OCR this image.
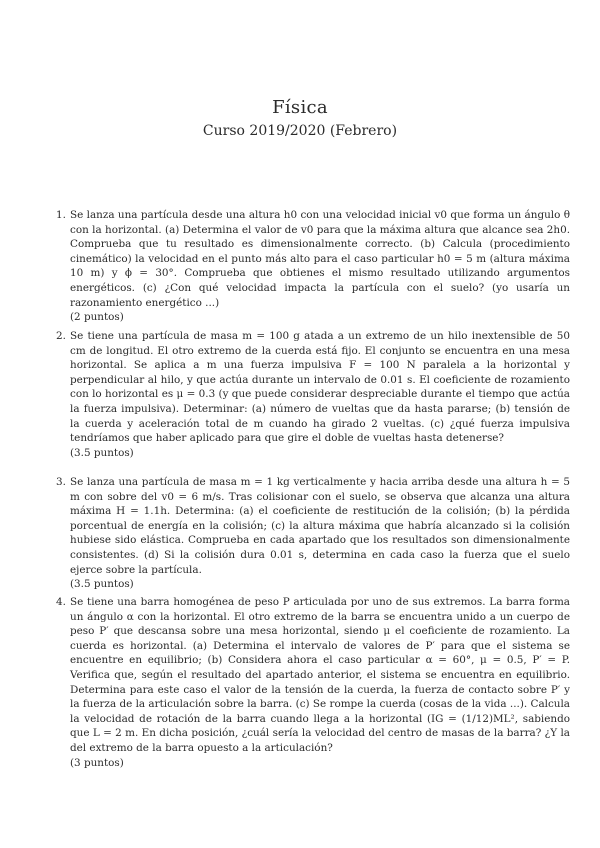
Física
Curso 2019/2020 (Febrero)
1. Se lanza una partícula desde una altura h0 con una velocidad inicial v0 que forma un ángulo θ con la horizontal. (a) Determina el valor de v0 para que la máxima altura que alcance sea 2h0. Comprueba que tu resultado es dimensionalmente correcto. (b) Calcula (procedimiento cinemático) la velocidad en el punto más alto para el caso particular h0 = 5 m (altura máxima 10 m) y ϕ = 30°. Comprueba que obtienes el mismo resultado utilizando argumentos energéticos. (c) ¿Con qué velocidad impacta la partícula con el suelo? (yo usaría un razonamiento energético ...)
(2 puntos)
2. Se tiene una partícula de masa m = 100 g atada a un extremo de un hilo inextensible de 50 cm de longitud. El otro extremo de la cuerda está fijo. El conjunto se encuentra en una mesa horizontal. Se aplica a m una fuerza impulsiva F = 100 N paralela a la horizontal y perpendicular al hilo, y que actúa durante un intervalo de 0.01 s. El coeficiente de rozamiento con lo horizontal es μ = 0.3 (y que puede considerar despreciable durante el tiempo que actúa la fuerza impulsiva). Determinar: (a) número de vueltas que da hasta pararse; (b) tensión de la cuerda y aceleración total de m cuando ha girado 2 vueltas. (c) ¿qué fuerza impulsiva tendríamos que haber aplicado para que gire el doble de vueltas hasta detenerse?
(3.5 puntos)
3. Se lanza una partícula de masa m = 1 kg verticalmente y hacia arriba desde una altura h = 5 m con sobre del v0 = 6 m/s. Tras colisionar con el suelo, se observa que alcanza una altura máxima H = 1.1h. Determina: (a) el coeficiente de restitución de la colisión; (b) la pérdida porcentual de energía en la colisión; (c) la altura máxima que habría alcanzado si la colisión hubiese sido elástica. Comprueba en cada apartado que los resultados son dimensionalmente consistentes. (d) Si la colisión dura 0.01 s, determina en cada caso la fuerza que el suelo ejerce sobre la partícula.
(3.5 puntos)
4. Se tiene una barra homogénea de peso P articulada por uno de sus extremos. La barra forma un ángulo α con la horizontal. El otro extremo de la barra se encuentra unido a un cuerpo de peso P′ que descansa sobre una mesa horizontal, siendo μ el coeficiente de rozamiento. La cuerda es horizontal. (a) Determina el intervalo de valores de P′ para que el sistema se encuentre en equilibrio; (b) Considera ahora el caso particular α = 60°, μ = 0.5, P′ = P. Verifica que, según el resultado del apartado anterior, el sistema se encuentra en equilibrio. Determina para este caso el valor de la tensión de la cuerda, la fuerza de contacto sobre P′ y la fuerza de la articulación sobre la barra. (c) Se rompe la cuerda (cosas de la vida ...). Calcula la velocidad de rotación de la barra cuando llega a la horizontal (IG = (1/12)ML², sabiendo que L = 2 m. En dicha posición, ¿cuál sería la velocidad del centro de masas de la barra? ¿Y la del extremo de la barra opuesto a la articulación?
(3 puntos)
